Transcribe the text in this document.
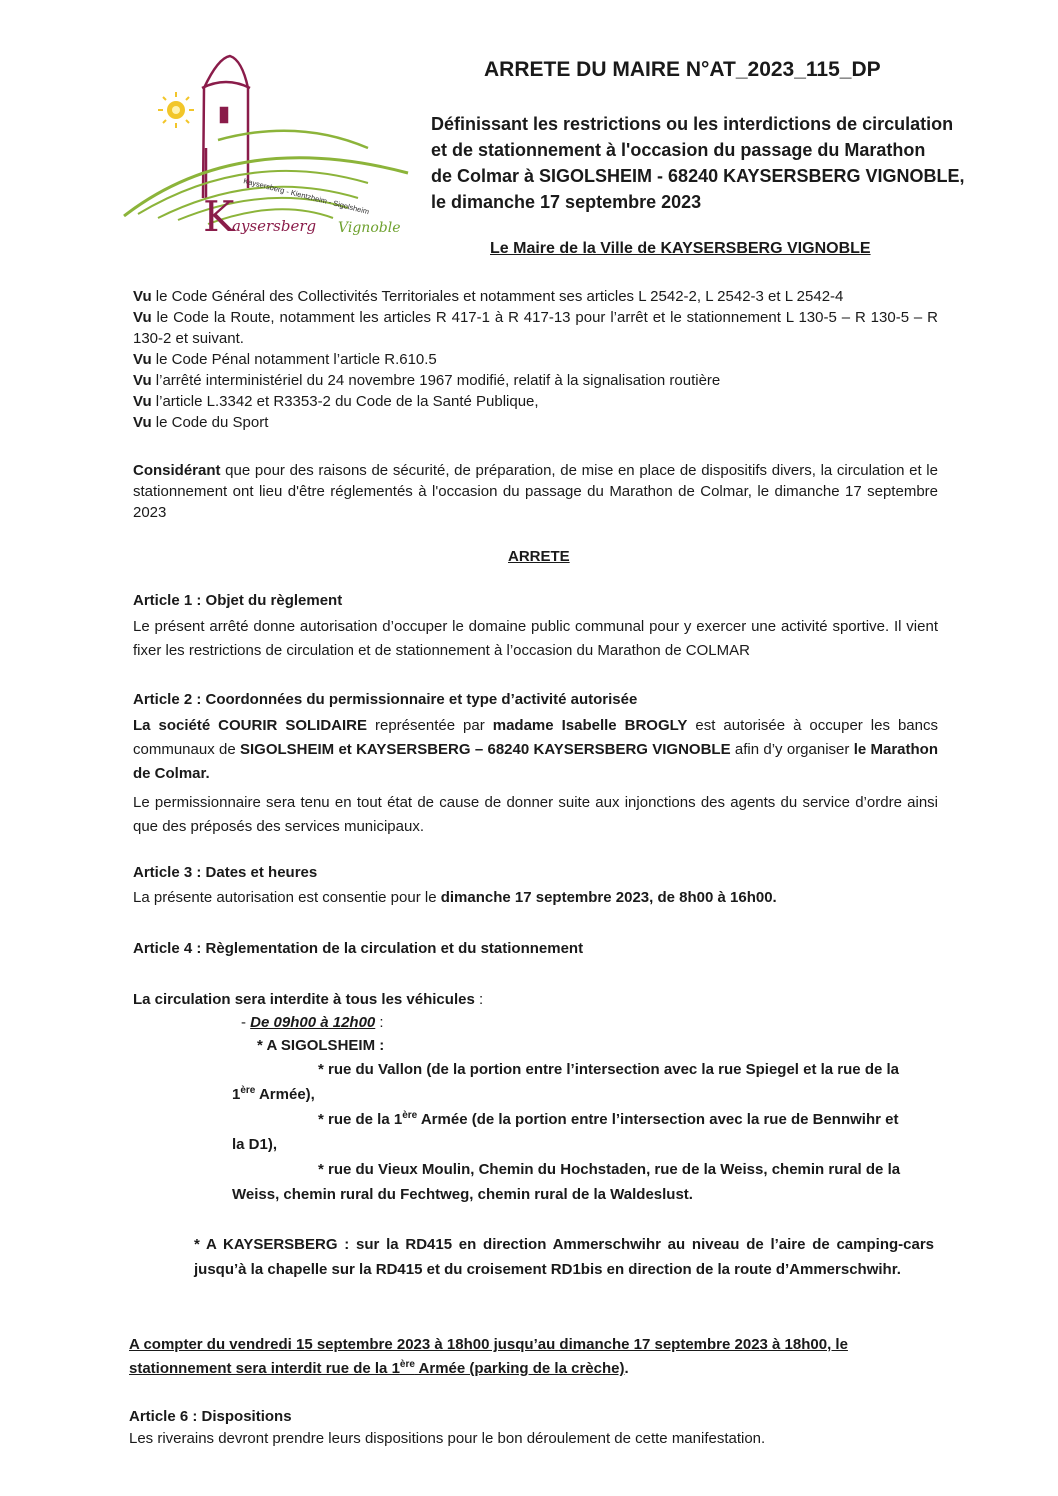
Kaysersberg - Kientzheim - Sigolsheim
K
aysersberg Vignoble
ARRETE DU MAIRE N°AT_2023_115_DP
Définissant les restrictions ou les interdictions de circulation
et de stationnement à l'occasion du passage du Marathon
de Colmar à SIGOLSHEIM - 68240 KAYSERSBERG VIGNOBLE,
le dimanche 17 septembre 2023
Le Maire de la Ville de KAYSERSBERG VIGNOBLE
Vu le Code Général des Collectivités Territoriales et notamment ses articles L 2542-2, L 2542-3 et L 2542-4
Vu le Code la Route, notamment les articles R 417-1 à R 417-13 pour l’arrêt et le stationnement L 130-5 – R 130-5 – R 130-2 et suivant.
Vu le Code Pénal notamment l’article R.610.5
Vu l’arrêté interministériel du 24 novembre 1967 modifié, relatif à la signalisation routière
Vu l’article L.3342 et R3353-2 du Code de la Santé Publique,
Vu le Code du Sport
Considérant que pour des raisons de sécurité, de préparation, de mise en place de dispositifs divers, la circulation et le stationnement ont lieu d'être réglementés à l'occasion du passage du Marathon de Colmar, le dimanche 17 septembre 2023
ARRETE
Article 1 : Objet du règlement
Le présent arrêté donne autorisation d’occuper le domaine public communal pour y exercer une activité sportive. Il vient fixer les restrictions de circulation et de stationnement à l’occasion du Marathon de COLMAR
Article 2 : Coordonnées du permissionnaire et type d’activité autorisée
La société COURIR SOLIDAIRE représentée par madame Isabelle BROGLY est autorisée à occuper les bancs communaux de SIGOLSHEIM et KAYSERSBERG – 68240 KAYSERSBERG VIGNOBLE afin d’y organiser le Marathon de Colmar.
Le permissionnaire sera tenu en tout état de cause de donner suite aux injonctions des agents du service d’ordre ainsi que des préposés des services municipaux.
Article 3 : Dates et heures
La présente autorisation est consentie pour le dimanche 17 septembre 2023, de 8h00 à 16h00.
Article 4 : Règlementation de la circulation et du stationnement
La circulation sera interdite à tous les véhicules :
- De 09h00 à 12h00 :
* A SIGOLSHEIM :
* rue du Vallon (de la portion entre l’intersection avec la rue Spiegel et la rue de la
1ère Armée),
* rue de la 1ère Armée (de la portion entre l’intersection avec la rue de Bennwihr et
la D1),
* rue du Vieux Moulin, Chemin du Hochstaden, rue de la Weiss, chemin rural de la
Weiss, chemin rural du Fechtweg, chemin rural de la Waldeslust.
* A KAYSERSBERG : sur la RD415 en direction Ammerschwihr au niveau de l’aire de camping-cars jusqu’à la chapelle sur la RD415 et du croisement RD1bis en direction de la route d’Ammerschwihr.
A compter du vendredi 15 septembre 2023 à 18h00 jusqu’au dimanche 17 septembre 2023 à 18h00, le
stationnement sera interdit rue de la 1ère Armée (parking de la crèche).
Article 6 : Dispositions
Les riverains devront prendre leurs dispositions pour le bon déroulement de cette manifestation.
